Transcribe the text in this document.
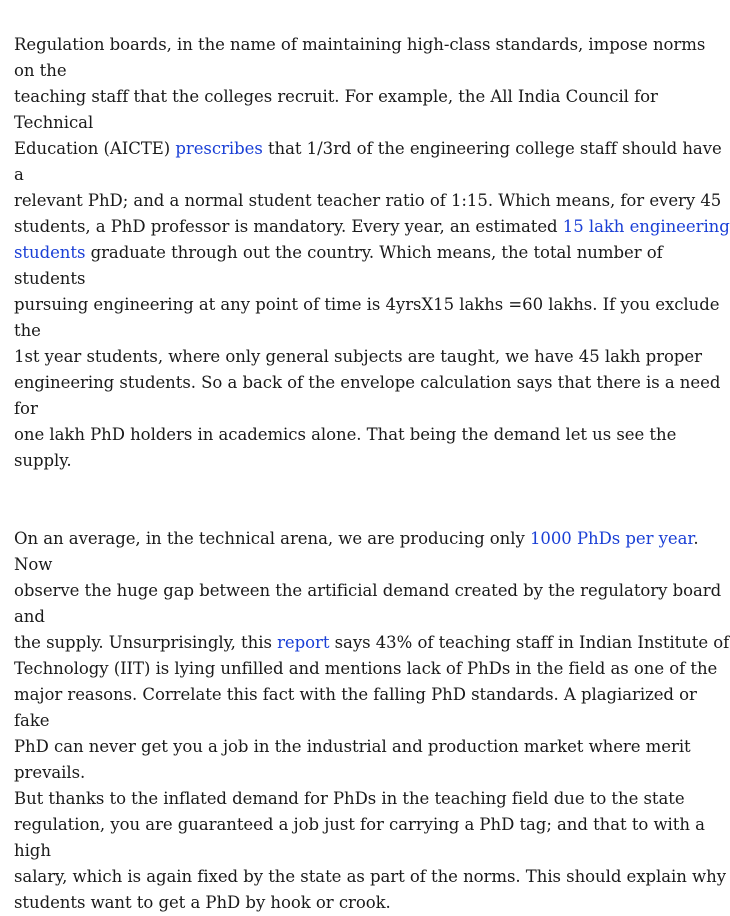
Regulation boards, in the name of maintaining high-class standards, impose norms on the
teaching staff that the colleges recruit. For example, the All India Council for Technical
Education (AICTE) prescribes that 1/3rd of the engineering college staff should have a
relevant PhD; and a normal student teacher ratio of 1:15. Which means, for every 45
students, a PhD professor is mandatory. Every year, an estimated 15 lakh engineering
students graduate through out the country. Which means, the total number of students
pursuing engineering at any point of time is 4yrsX15 lakhs =60 lakhs. If you exclude the
1st year students, where only general subjects are taught, we have 45 lakh proper
engineering students. So a back of the envelope calculation says that there is a need for
one lakh PhD holders in academics alone. That being the demand let us see the supply.

On an average, in the technical arena, we are producing only 1000 PhDs per year. Now
observe the huge gap between the artificial demand created by the regulatory board and
the supply. Unsurprisingly, this report says 43% of teaching staff in Indian Institute of
Technology (IIT) is lying unfilled and mentions lack of PhDs in the field as one of the
major reasons. Correlate this fact with the falling PhD standards. A plagiarized or fake
PhD can never get you a job in the industrial and production market where merit prevails.
But thanks to the inflated demand for PhDs in the teaching field due to the state
regulation, you are guaranteed a job just for carrying a PhD tag; and that to with a high
salary, which is again fixed by the state as part of the norms. This should explain why
students want to get a PhD by hook or crook.
